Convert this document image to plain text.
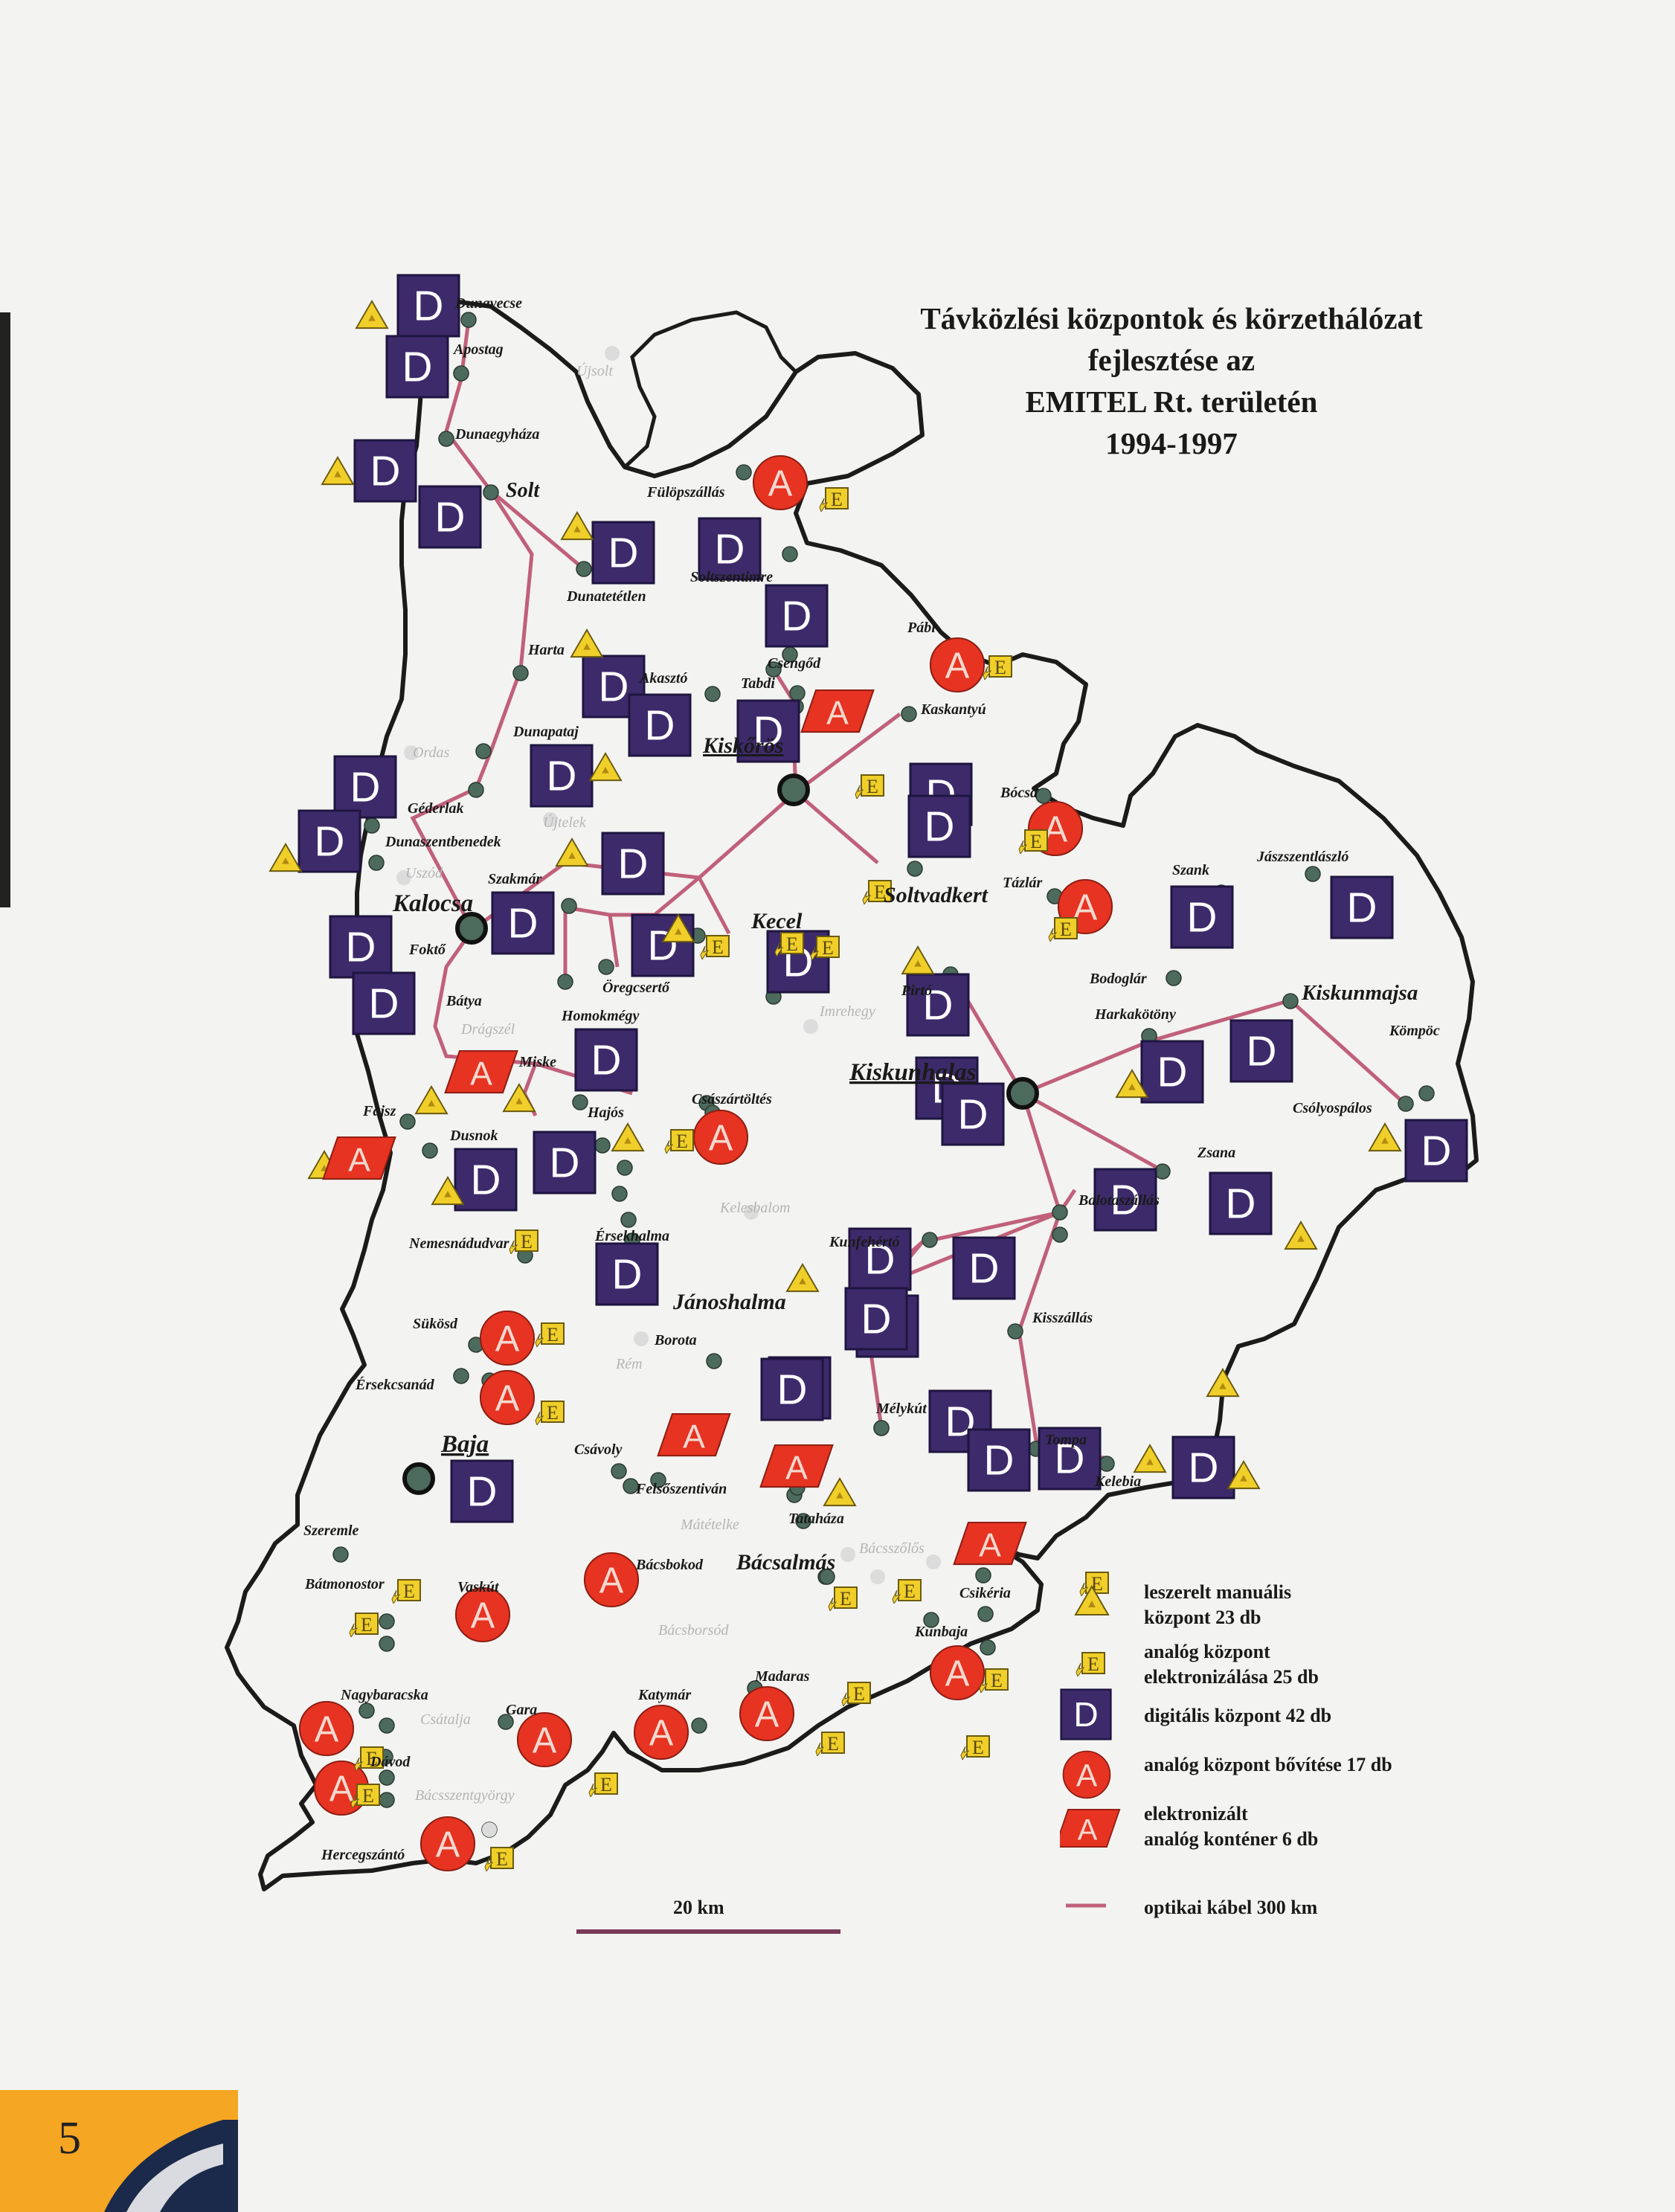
Dunavecse
Apostag
Újsolt
Dunaegyháza
Solt
Dunatetétlen
Fülöpszállás
Soltszentimre
Csengőd
Pábi
Harta
Akasztó	Tabdi
Kaskantyú
Dunapataj
Ordas	Kiskőrös
Géderlak
Dunaszentbenedek
Újtelek
Uszód	Szakmár
Bócsa
Soltvadkert Tázlár
Szank
Jászszentlászló
Kalocsa
Foktő
Kecel
Öregcsertő	Pirtó
Bodoglár
Bátya
Drágszél
Homokmégy	Imrehegy	Harkakötöny
Kiskunmajsa
Kömpöc
Miske	Kiskunhalas
Fajsz	Hajós
Császártöltés
Csólyospálos
Dusnok
Zsana
Kelesbalom	Balotaszállás
Nemesnádudvar	Érsekhalma	Kunfehértó
Jánoshalma
Sükösd	Kisszállás
Borota
Rém
Érsekcsanád
Mélykút
Tompa
Baja	Csávoly
Kelebia
Felsőszentiván
Tataháza
Mátételke
Szeremle
Bácsbokod Bácsalmás
Bácsszőlős
Bátmonostor	Vaskút	Csikéria
Bácsborsód	Kunbaja
Nagybaracska
Csátalja
Gara
Katymár
Madaras
Dávod
Bácsszentgyörgy
Hercegszántó
Távközlési központok és körzethálózat
fejlesztése az
EMITEL Rt. területén
1994-1997
leszerelt manuális
központ 23 db
analóg központ
elektronizálása 25 db
digitális központ 42 db
analóg központ bővítése 17 db
elektronizált
analóg konténer 6 db
optikai kábel 300 km
20 km
5
